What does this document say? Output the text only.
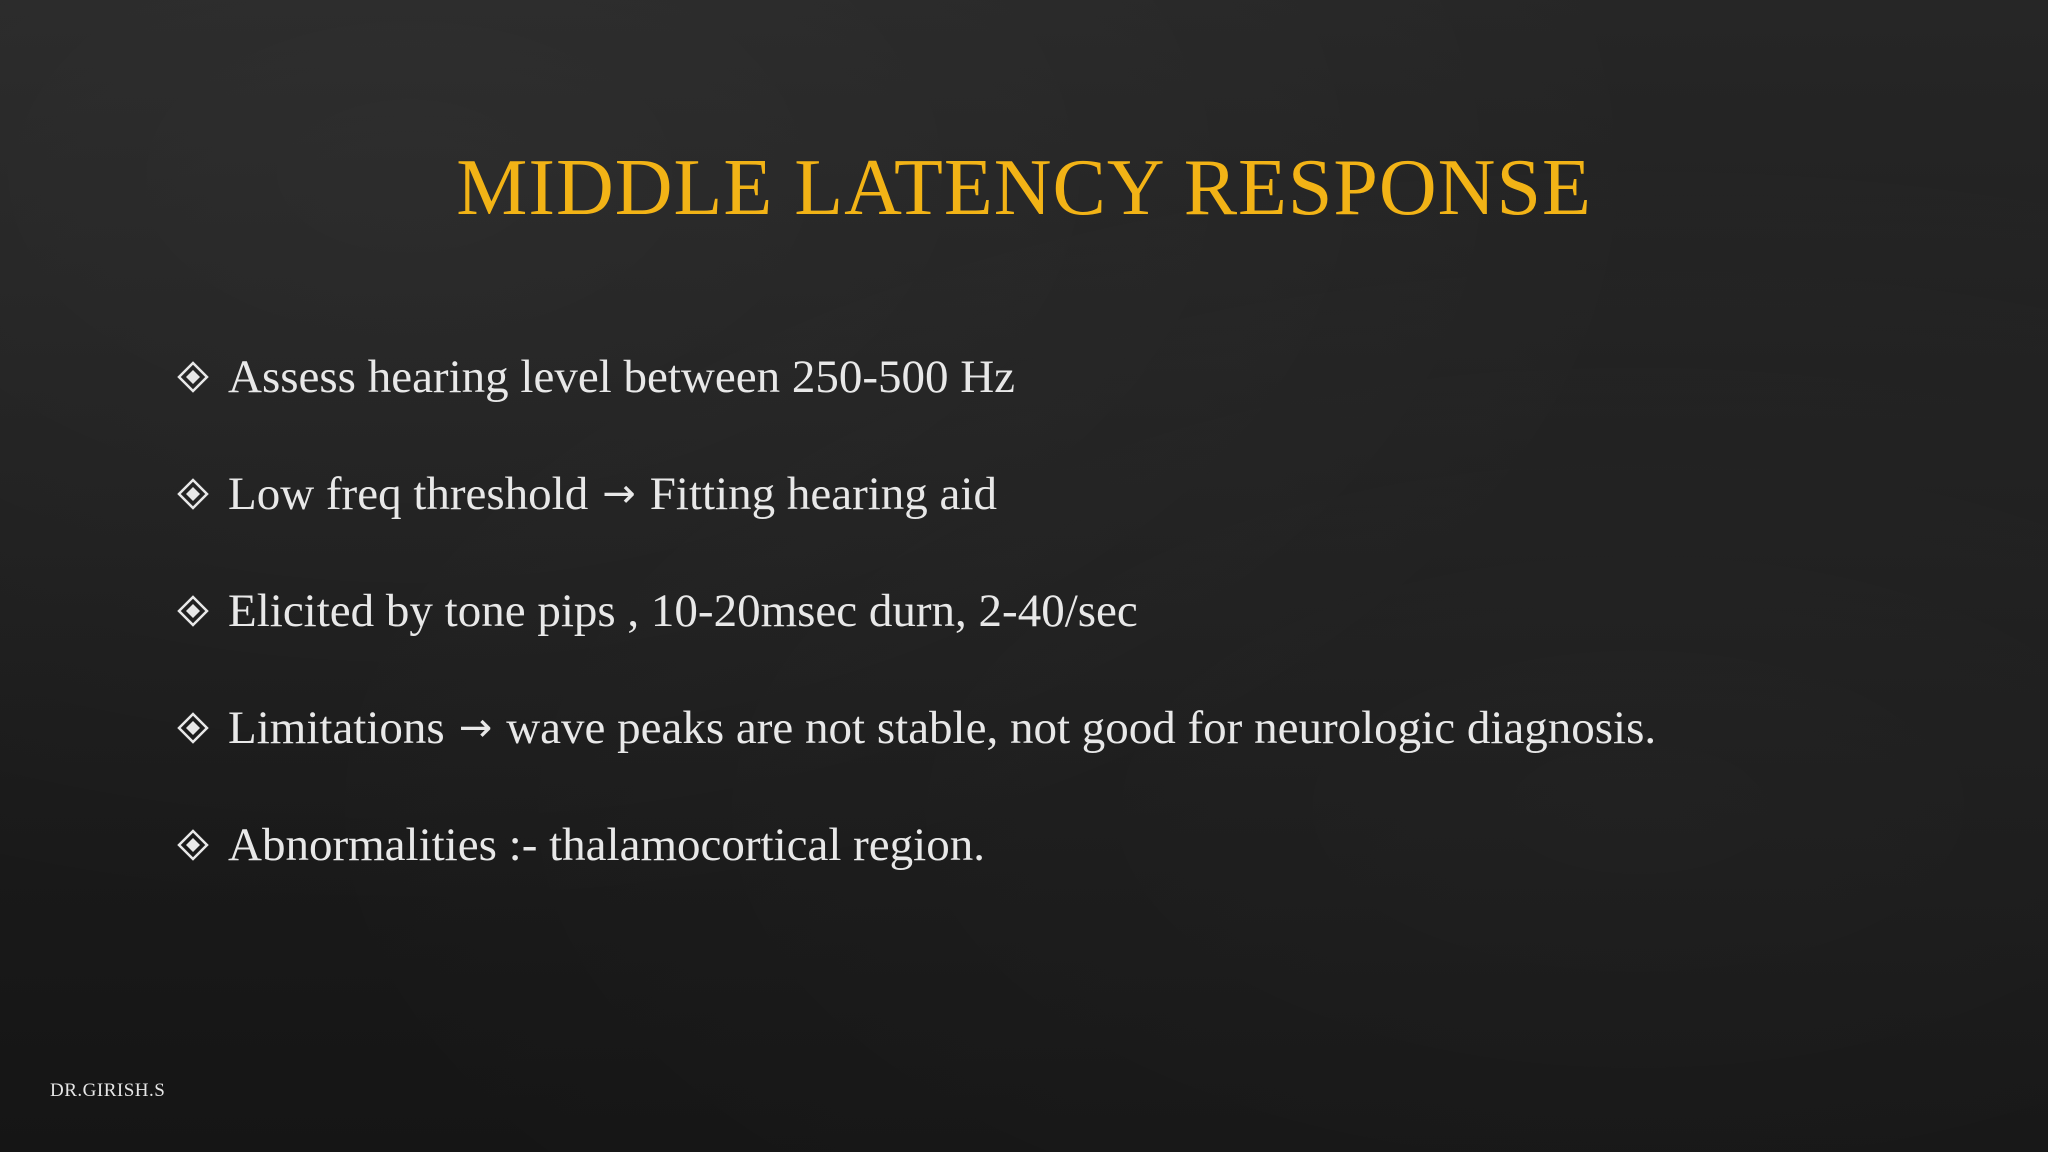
MIDDLE LATENCY RESPONSE
Assess hearing level between 250-500 Hz
Low freq threshold → Fitting hearing aid
Elicited by tone pips , 10-20msec durn, 2-40/sec
Limitations → wave peaks are not stable, not good for neurologic diagnosis.
Abnormalities :- thalamocortical region.
DR.GIRISH.S
